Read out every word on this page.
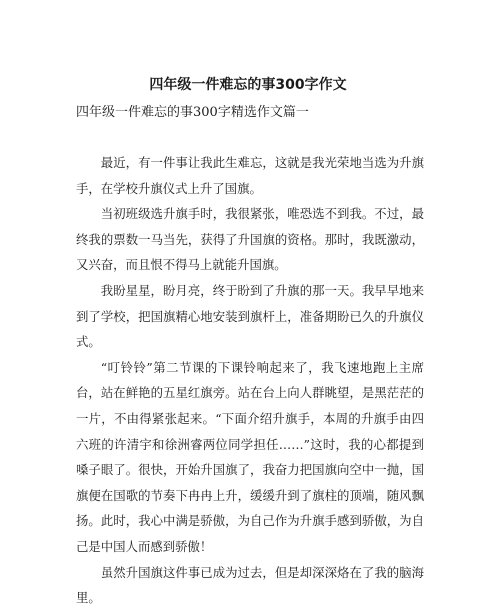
四年级一件难忘的事300字作文

四年级一件难忘的事300字精选作文篇一

最近，有一件事让我此生难忘，这就是我光荣地当选为升旗手，在学校升旗仪式上升了国旗。

当初班级选升旗手时，我很紧张，唯恐选不到我。不过，最终我的票数一马当先，获得了升国旗的资格。那时，我既激动，又兴奋，而且恨不得马上就能升国旗。

我盼星星，盼月亮，终于盼到了升旗的那一天。我早早地来到了学校，把国旗精心地安装到旗杆上，准备期盼已久的升旗仪式。

“叮铃铃”第二节课的下课铃响起来了，我飞速地跑上主席台，站在鲜艳的五星红旗旁。站在台上向人群眺望，是黑茫茫的一片，不由得紧张起来。“下面介绍升旗手，本周的升旗手由四六班的许清宇和徐洲睿两位同学担任……”这时，我的心都提到嗓子眼了。很快，开始升国旗了，我奋力把国旗向空中一抛，国旗便在国歌的节奏下冉冉上升，缓缓升到了旗柱的顶端，随风飘扬。此时，我心中满是骄傲，为自己作为升旗手感到骄傲，为自己是中国人而感到骄傲！

虽然升国旗这件事已成为过去，但是却深深烙在了我的脑海里。
